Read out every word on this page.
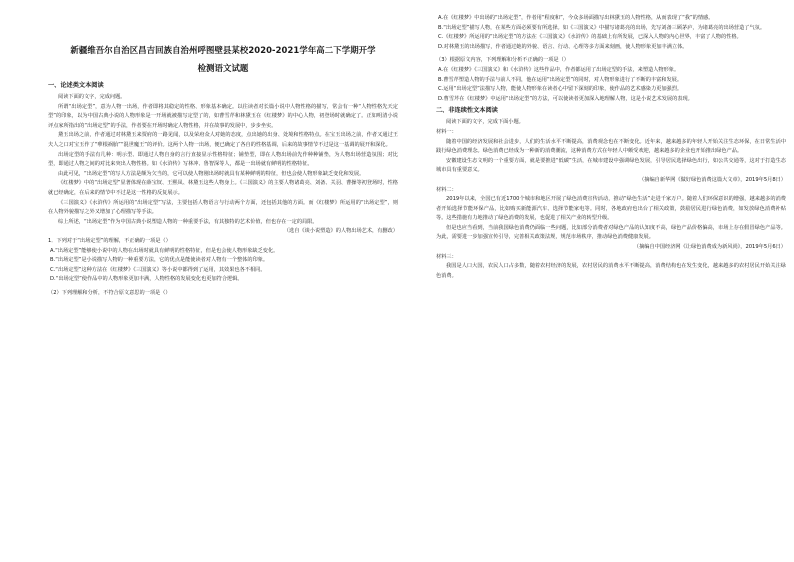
新疆维吾尔自治区昌吉回族自治州呼图壁县某校2020-2021学年高二下学期开学
检测语文试题
一、论述类文本阅读

阅读下面的文字，完成问题。

所谓“出场定型”，意为人物一出场，作者即将其稳定的性格、形象基本确定。以往读者对长篇小说中人物性格的描写，常会有一种“人物性格先天定型”的印象，以为中国古典小说的人物形象是一开场就被描写定型了的，如曹雪芹和林黛玉在《红楼梦》的中心人物，初登场时就确定了。正如明清小说评点家所指出的“出场定型”的手法，作者要在开场时确定人物性格，并在故事的发展中，步步坐实。

黛玉出场之前，作者通过对林黛玉来贾府的一路见闻，以及荣府众人对她的态度，点出她的出身、处境和性格特点。在宝玉出场之前，作者又通过王夫人之口对宝玉作了“孽根祸胎”“混世魔王”的评价。这两个人物一出场，便已确定了各自的性格基调，后来的故事情节不过是这一基调的展开和深化。

出场定型的手法有几种：明示型、即通过人物自身的言行直接显示性格特征；铺垫型，即在人物出场前先作种种铺垫，为人物出场营造氛围；对比型，即通过人物之间的对比来突出人物性格。如《水浒传》写林冲、鲁智深等人，都是一出场就有鲜明的性格特征。

由此可见，“出场定型”的写人方法是颇为欠当的，它可以使人物刚出场时就具有某种鲜明的特征，但也会使人物形象缺乏变化和发展。

《红楼梦》中的“出场定型”显著体现在薛宝钗、王熙凤、林黛玉这些人物身上。《三国演义》的主要人物诸葛亮、刘备、关羽、曹操等初登场时，性格就已经确定，在后来的情节中不过是这一性格的反复展示。

《三国演义》《水浒传》所运用的“出场定型”写法，主要包括人物语言与行动两个方面，还包括其他的方面。而《红楼梦》所运用的“出场定型”，则在人物外貌描写之外又增加了心理描写等手法。

综上所述，“出场定型”作为中国古典小说塑造人物的一种重要手法，有其独特的艺术价值，但也存在一定的局限。

（选自《谈小说塑造》的人物出场艺术，有删改）

1．下列对于“出场定型”的理解，不正确的一项是（）

A.“出场定型”能够使小说中的人物在出场时就具有鲜明的性格特征，但是也会使人物形象缺乏变化。

B.“出场定型”是小说描写人物的一种重要方法，它的优点是能使读者对人物有一个整体的印象。

C.“出场定型”这种方法在《红楼梦》《三国演义》等小说中都得到了运用，其效果也各不相同。

D.“出场定型”使作品中的人物形象更加丰满，人物性格的发展变化也更加符合逻辑。

（2）下列理解和分析，不符合原文意思的一项是（）

A.在《红楼梦》中出场的“出场定型”，作者用“程度和”，今众多场面描写出林黛玉的人物性格，从而表现了“我”的情感。

B.“出场定型”描写人物，在某些方面必须要有所选择。如《三国演义》中描写诸葛亮的出场，先写刘备三顾茅庐，为诸葛亮的出场营造了气氛。

C.《红楼梦》所运用的“出场定型”的方法在《三国演义》《水浒传》的基础上有所发展，已深入人物的内心世界，丰富了人物的性格。

D.对林黛玉的出场描写，作者通过她的外貌、语言、行动、心理等多方面来刻画，使人物形象更加丰满立体。

（3）根据原文内容，下列理解和分析不正确的一项是（）

A.在《红楼梦》《三国演义》和《水浒传》这些作品中，作者都运用了出场定型的手法，来塑造人物形象。

B.曹雪芹塑造人物的手法与前人不同，他在运用“出场定型”的同时，对人物形象进行了不断的丰富和发展。

C.运用“出场定型”法描写人物，能使人物形象在读者心中留下深刻的印象，使作品的艺术感染力更加强烈。

D.曹雪芹在《红楼梦》中运用“出场定型”的方法，可以使读者更加深入地理解人物，这是小说艺术发展的表现。

二、非连续性文本阅读

阅读下面的文字，完成下面小题。

材料一：

随着中国的经济发展和社会进步，人们的生活水平不断提高，消费观念也在不断变化。近年来，越来越多的年轻人开始关注生态环保，在日常生活中践行绿色消费理念。绿色消费已经成为一种新的消费潮流，这种消费方式在年轻人中颇受欢迎，越来越多的企业也开始推出绿色产品。

安徽建设生态文明的一个重要方面，就是要推进“低碳”生活，在城市建设中强调绿色发展，引导居民选择绿色出行，如公共交通等，这对于打造生态城市具有重要意义。

（摘编自新华网《做好绿色消费这篇大文章》，2019年5月8日）

材料二：

2019年以来，全国已有近1700个城市和地区开展了绿色消费宣传活动，推动“绿色生活”走进千家万户。随着人们环保意识的增强，越来越多的消费者开始选择节能环保产品，比如购买新能源汽车、选择节能家电等。同时，各地政府也出台了相关政策，鼓励居民进行绿色消费，如发放绿色消费补贴等。这些措施有力地推动了绿色消费的发展，也促进了相关产业的转型升级。

但是也应当看到，当前我国绿色消费仍面临一些问题，比如部分消费者对绿色产品的认知度不高，绿色产品价格偏高，市场上存在假冒绿色产品等。为此，需要进一步加强宣传引导，完善相关政策法规，规范市场秩序，推动绿色消费健康发展。

（摘编自中国经济网《让绿色消费成为新风尚》，2019年5月6日）

材料三：

我国是人口大国，农民人口占多数，随着农村经济的发展，农村居民的消费水平不断提高，消费结构也在发生变化，越来越多的农村居民开始关注绿色消费。
